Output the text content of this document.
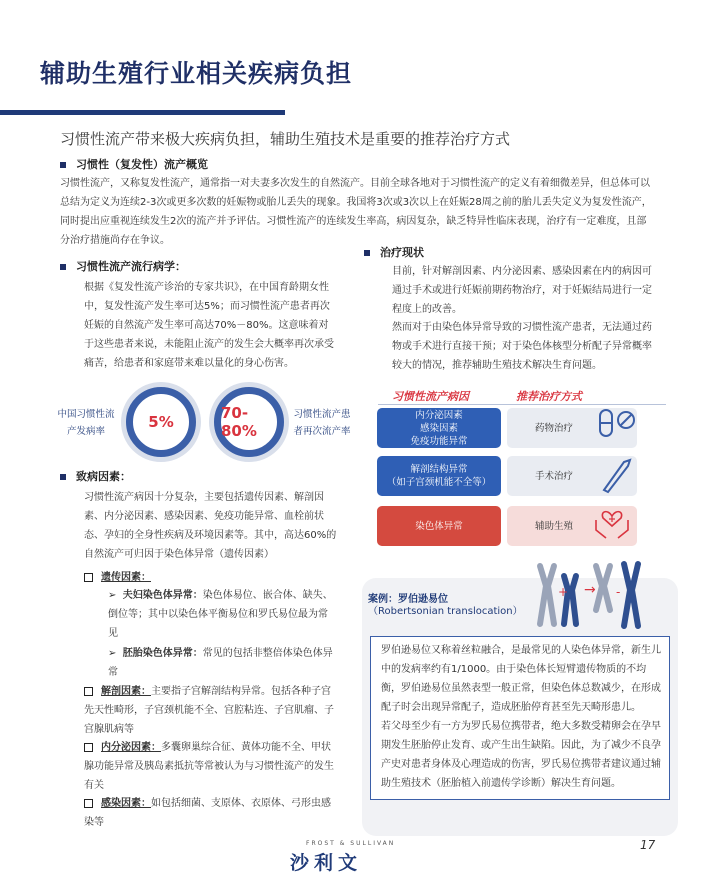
辅助生殖行业相关疾病负担
习惯性流产带来极大疾病负担，辅助生殖技术是重要的推荐治疗方式
习惯性（复发性）流产概览
习惯性流产，又称复发性流产，通常指一对夫妻多次发生的自然流产。目前全球各地对于习惯性流产的定义有着细微差异，但总体可以总结为定义为连续2-3次或更多次数的妊娠物或胎儿丢失的现象。我国将3次或3次以上在妊娠28周之前的胎儿丢失定义为复发性流产，同时提出应重视连续发生2次的流产并予评估。习惯性流产的连续发生率高，病因复杂，缺乏特异性临床表现，治疗有一定难度，且部分治疗措施尚存在争议。
习惯性流产流行病学：
根据《复发性流产诊治的专家共识》，在中国育龄期女性中，复发性流产发生率可达5%；而习惯性流产患者再次妊娠的自然流产发生率可高达70%－80%。这意味着对于这些患者来说，未能阻止流产的发生会大概率再次承受痛苦，给患者和家庭带来难以量化的身心伤害。
中国习惯性流产发病率
5%	70-80%
习惯性流产患者再次流产率
致病因素：
习惯性流产病因十分复杂，主要包括遗传因素、解剖因素、内分泌因素、感染因素、免疫功能异常、血栓前状态、孕妇的全身性疾病及环境因素等。其中，高达60%的自然流产可归因于染色体异常（遗传因素）
遗传因素：
➢ 夫妇染色体异常：染色体易位、嵌合体、缺失、倒位等；其中以染色体平衡易位和罗氏易位最为常见
➢ 胚胎染色体异常：常见的包括非整倍体染色体异常
解剖因素：主要指子宫解剖结构异常。包括各种子宫先天性畸形，子宫颈机能不全、宫腔粘连、子宫肌瘤、子宫腺肌病等
内分泌因素：多囊卵巢综合征、黄体功能不全、甲状腺功能异常及胰岛素抵抗等常被认为与习惯性流产的发生有关
感染因素：如包括细菌、支原体、衣原体、弓形虫感染等
治疗现状
目前，针对解剖因素、内分泌因素、感染因素在内的病因可通过手术或进行妊娠前期药物治疗，对于妊娠结局进行一定程度上的改善。
然而对于由染色体异常导致的习惯性流产患者，无法通过药物或手术进行直接干预；对于染色体核型分析配子异常概率较大的情况，推荐辅助生殖技术解决生育问题。
习惯性流产病因	推荐治疗方式
内分泌因素
感染因素
免疫功能异常
解剖结构异常
（如子宫颈机能不全等）
染色体异常
药物治疗
手术治疗
辅助生殖
+ → -
案例：罗伯逊易位
（Robertsonian translocation）
罗伯逊易位又称着丝粒融合，是最常见的人染色体异常，新生儿中的发病率约有1/1000。由于染色体长短臂遗传物质的不均衡，罗伯逊易位虽然表型一般正常，但染色体总数减少，在形成配子时会出现异常配子，造成胚胎停育甚至先天畸形患儿。
若父母至少有一方为罗氏易位携带者，绝大多数受精卵会在孕早期发生胚胎停止发育、或产生出生缺陷。因此，为了减少不良孕产史对患者身体及心理造成的伤害，罗氏易位携带者建议通过辅助生殖技术（胚胎植入前遗传学诊断）解决生育问题。
FROST & SULLIVAN
沙利文
17
